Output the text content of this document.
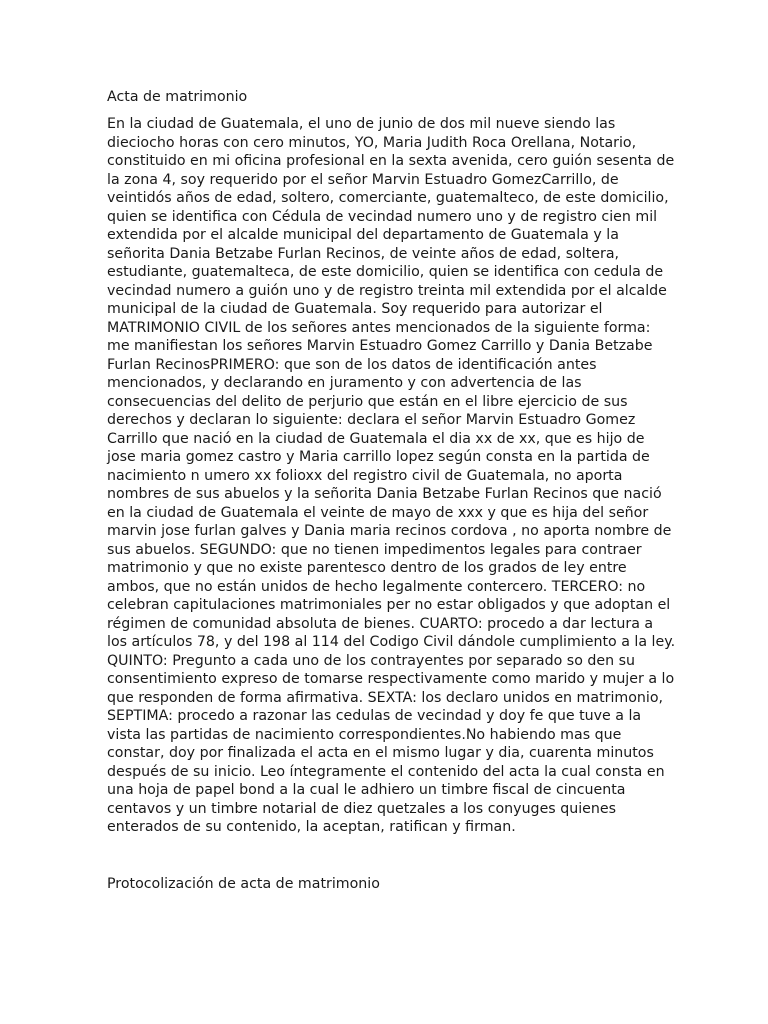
Acta de matrimonio
En la ciudad de Guatemala, el uno de junio de dos mil nueve siendo las
dieciocho horas con cero minutos, YO, Maria Judith Roca Orellana, Notario,
constituido en mi oficina profesional en la sexta avenida, cero guión sesenta de
la zona 4, soy requerido por el señor Marvin Estuadro GomezCarrillo, de
veintidós años de edad, soltero, comerciante, guatemalteco, de este domicilio,
quien se identifica con Cédula de vecindad numero uno y de registro cien mil
extendida por el alcalde municipal del departamento de Guatemala y la
señorita Dania Betzabe Furlan Recinos, de veinte años de edad, soltera,
estudiante, guatemalteca, de este domicilio, quien se identifica con cedula de
vecindad numero a guión uno y de registro treinta mil extendida por el alcalde
municipal de la ciudad de Guatemala. Soy requerido para autorizar el
MATRIMONIO CIVIL de los señores antes mencionados de la siguiente forma:
me manifiestan los señores Marvin Estuadro Gomez Carrillo y Dania Betzabe
Furlan RecinosPRIMERO: que son de los datos de identificación antes
mencionados, y declarando en juramento y con advertencia de las
consecuencias del delito de perjurio que están en el libre ejercicio de sus
derechos y declaran lo siguiente: declara el señor Marvin Estuadro Gomez
Carrillo que nació en la ciudad de Guatemala el dia xx de xx, que es hijo de
jose maria gomez castro y Maria carrillo lopez según consta en la partida de
nacimiento n umero xx folioxx del registro civil de Guatemala, no aporta
nombres de sus abuelos y la señorita Dania Betzabe Furlan Recinos que nació
en la ciudad de Guatemala el veinte de mayo de xxx y que es hija del señor
marvin jose furlan galves y Dania maria recinos cordova , no aporta nombre de
sus abuelos. SEGUNDO: que no tienen impedimentos legales para contraer
matrimonio y que no existe parentesco dentro de los grados de ley entre
ambos, que no están unidos de hecho legalmente contercero. TERCERO: no
celebran capitulaciones matrimoniales per no estar obligados y que adoptan el
régimen de comunidad absoluta de bienes. CUARTO: procedo a dar lectura a
los artículos 78, y del 198 al 114 del Codigo Civil dándole cumplimiento a la ley.
QUINTO: Pregunto a cada uno de los contrayentes por separado so den su
consentimiento expreso de tomarse respectivamente como marido y mujer a lo
que responden de forma afirmativa. SEXTA: los declaro unidos en matrimonio,
SEPTIMA: procedo a razonar las cedulas de vecindad y doy fe que tuve a la
vista las partidas de nacimiento correspondientes.No habiendo mas que
constar, doy por finalizada el acta en el mismo lugar y dia, cuarenta minutos
después de su inicio. Leo íntegramente el contenido del acta la cual consta en
una hoja de papel bond a la cual le adhiero un timbre fiscal de cincuenta
centavos y un timbre notarial de diez quetzales a los conyuges quienes
enterados de su contenido, la aceptan, ratifican y firman.
Protocolización de acta de matrimonio
